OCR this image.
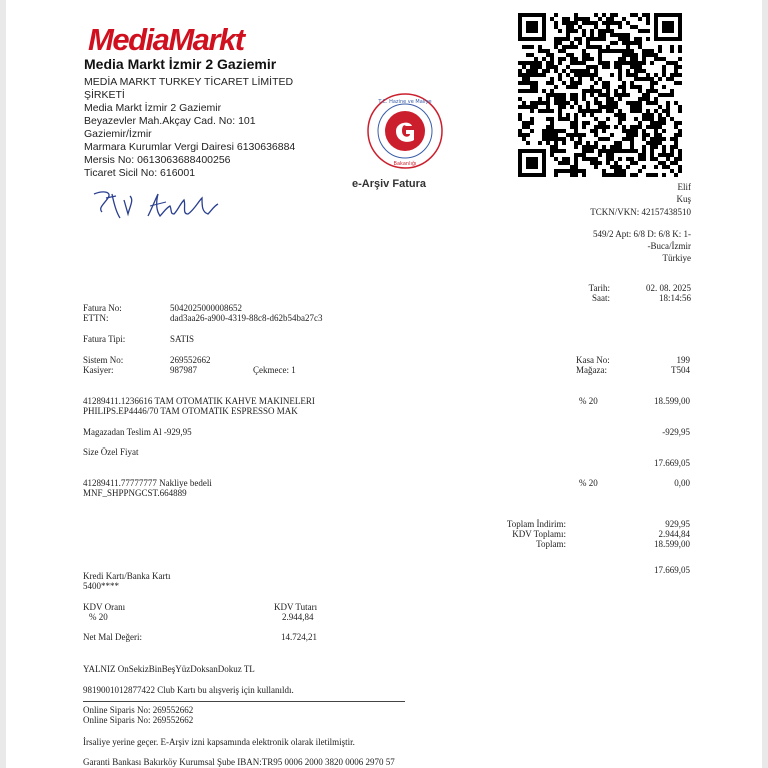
MediaMarkt
Media Markt İzmir 2 Gaziemir
MEDİA MARKT TURKEY TİCARET LİMİTED
ŞİRKETİ
Media Markt İzmir 2 Gaziemir
Beyazevler Mah.Akçay Cad. No: 101
Gaziemir/İzmir
Marmara Kurumlar Vergi Dairesi 6130636884
Mersis No: 0613063688400256
Ticaret Sicil No: 616001
T.C. Hazine ve Maliye
Bakanlığı
e-Arşiv Fatura	Elif
Kuş
TCKN/VKN: 42157438510
549/2 Apt: 6/8 D: 6/8 K: 1-
-Buca/İzmir
Türkiye
Tarih:	02. 08. 2025
Saat:	18:14:56
Fatura No:	5042025000008652
ETTN:	dad3aa26-a900-4319-88c8-d62b54ba27c3
Fatura Tipi:	SATIS
Sistem No:	269552662
Kasiyer:	987987	Çekmece: 1
Kasa No:	199
Mağaza:	T504
41289411.1236616 TAM OTOMATIK KAHVE MAKINELERI
PHILIPS.EP4446/70 TAM OTOMATIK ESPRESSO MAK
% 20	18.599,00
Magazadan Teslim Al -929,95	-929,95
Size Özel Fiyat
17.669,05
41289411.77777777 Nakliye bedeli
MNF_SHPPNGCST.664889
% 20	0,00
Toplam İndirim:	929,95
KDV Toplamı:	2.944,84
Toplam:	18.599,00
17.669,05
Kredi Kartı/Banka Kartı
5400****
KDV Oranı	KDV Tutarı
% 20	2.944,84
Net Mal Değeri:	14.724,21
YALNIZ OnSekizBinBeşYüzDoksanDokuz TL
9819001012877422 Club Kartı bu alışveriş için kullanıldı.
Online Siparis No: 269552662
Online Siparis No: 269552662
İrsaliye yerine geçer. E-Arşiv izni kapsamında elektronik olarak iletilmiştir.
Garanti Bankası Bakırköy Kurumsal Şube IBAN:TR95 0006 2000 3820 0006 2970 57
